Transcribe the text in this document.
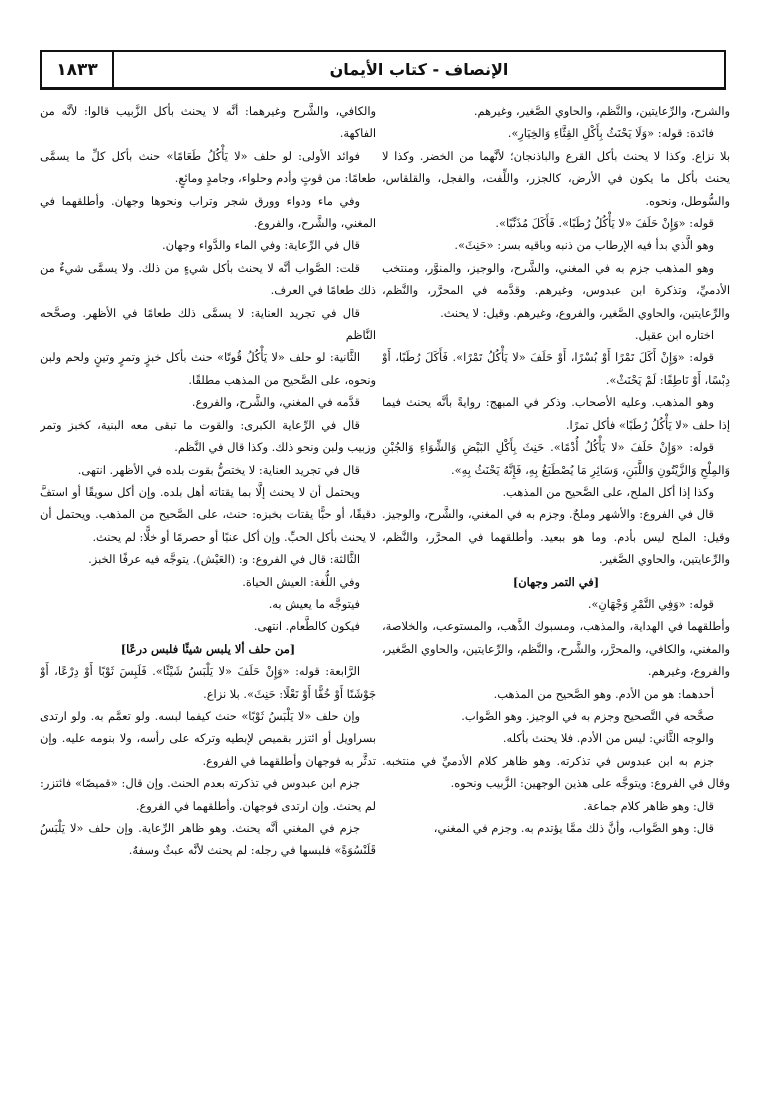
الإنصاف - كتاب الأيمان
١٨٣٣

والشرح، والرِّعايتين، والنَّظم، والحاوي الصَّغير، وغيرهم.

فائدة: قوله: «وَلَا يَحْنَثُ بِأَكْلِ القِثَّاءِ وَالخِيَارِ».

بلا نزاع. وكذا لا يحنث بأكل القرع والباذنجان؛ لأنَّهما من الخضر. وكذا لا يحنث بأكل ما يكون في الأرض، كالجزر، واللِّفت، والفجل، والقلقاس، والسُّوطل، ونحوه.

قوله: «وَإِنْ حَلَفَ «لا يَأْكُلُ رُطَبًا». فَأَكَلَ مُذَنِّبًا».

وهو الَّذي بدأ فيه الإرطاب من ذنبه وباقيه بسر: «حَنِثَ».

وهو المذهب جزم به في المغني، والشَّرح، والوجيز، والمنوَّر، ومنتخب الأدميِّ، وتذكرة ابن عبدوس، وغيرهم. وقدَّمه في المحرَّر، والنَّظم، والرِّعايتين، والحاوي الصَّغير، والفروع، وغيرهم. وقيل: لا يحنث.

اختاره ابن عقيل.

قوله: «وَإِنْ أَكَلَ تَمْرًا أَوْ بُسْرًا، أَوْ حَلَفَ «لا يَأْكُلُ تَمْرًا». فَأَكَلَ رُطَبًا، أَوْ دِبْسًا، أَوْ نَاطِفًا: لَمْ يَحْنَثْ».

وهو المذهب. وعليه الأصحاب. وذكر في المبهج: روايةً بأنَّه يحنث فيما إذا حلف «لا يَأْكُلُ رُطَبًا» فأكل تمرًا.

قوله: «وَإِنْ حَلَفَ «لا يَأْكُلُ أُدْمًا». حَنِثَ بِأَكْلِ البَيْضِ وَالشِّوَاءِ وَالجُبْنِ وَالمِلْحِ وَالزَّيْتُونِ وَاللَّبَنِ، وَسَائِرِ مَا يُصْطَبَغُ بِهِ، فَإِنَّهُ يَحْنَثُ بِهِ».

وكذا إذا أكل الملح، على الصَّحيح من المذهب.

قال في الفروع: والأشهر وملحٌ. وجزم به في المغني، والشَّرح، والوجيز. وقيل: الملح ليس بأدم. وما هو ببعيد. وأطلقهما في المحرَّر، والنَّظم، والرِّعايتين، والحاوي الصَّغير.

[في التمر وجهان]

قوله: «وَفِي التَّمْرِ وَجْهَانِ».

وأطلقهما في الهداية، والمذهب، ومسبوك الذَّهب، والمستوعب، والخلاصة، والمغني، والكافي، والمحرَّر، والشَّرح، والنَّظم، والرِّعايتين، والحاوي الصَّغير، والفروع، وغيرهم.

أحدهما: هو من الأدم. وهو الصَّحيح من المذهب.

صحَّحه في التَّصحيح وجزم به في الوجيز. وهو الصَّواب.

والوجه الثَّاني: ليس من الأدم. فلا يحنث بأكله.

جزم به ابن عبدوس في تذكرته. وهو ظاهر كلام الأدميِّ في منتخبه. وقال في الفروع: ويتوجَّه على هذين الوجهين: الزَّبيب ونحوه.

قال: وهو ظاهر كلام جماعة.

قال: وهو الصَّواب، وأنَّ ذلك ممَّا يؤتدم به. وجزم في المغني،

والكافي، والشَّرح وغيرهما: أنَّه لا يحنث بأكل الزَّبيب قالوا: لأنَّه من الفاكهة.

فوائد الأولى: لو حلف «لا يَأْكُلُ طَعَامًا» حنث بأكل كلِّ ما يسمَّى طعامًا: من قوتٍ وأدم وحلواء، وجامدٍ ومائعٍ.

وفي ماء ودواء وورق شجر وتراب ونحوها وجهان. وأطلقهما في المغني، والشَّرح، والفروع.

قال في الرِّعاية: وفي الماء والدَّواء وجهان.

قلت: الصَّواب أنَّه لا يحنث بأكل شيءٍ من ذلك. ولا يسمَّى شيءٌ من ذلك طعامًا في العرف.

قال في تجريد العناية: لا يسمَّى ذلك طعامًا في الأظهر. وصحَّحه النَّاظم

الثَّانية: لو حلف «لا يَأْكُلُ قُوتًا» حنث بأكل خبزٍ وتمرٍ وتينٍ ولحم ولبن ونحوه، على الصَّحيح من المذهب مطلقًا.

قدَّمه في المغني، والشَّرح، والفروع.

قال في الرِّعاية الكبرى: والقوت ما تبقى معه البنية، كخبز وتمر وزبيب ولبن ونحو ذلك. وكذا قال في النَّظم.

قال في تجريد العناية: لا يختصُّ بقوت بلده في الأظهر. انتهى.

ويحتمل أن لا يحنث إلَّا بما يقتاته أهل بلده. وإن أكل سويقًا أو استفَّ دقيقًا، أو حبًّا يقتات بخبزه: حنث، على الصَّحيح من المذهب. ويحتمل أن لا يحنث بأكل الحبِّ. وإن أكل عنبًا أو حصرمًا أو خلًّا: لم يحنث.

الثَّالثة: قال في الفروع: و: (العَيْش). يتوجَّه فيه عرفًا الخبز.

وفي اللُّغة: العيش الحياة.

فيتوجَّه ما يعيش به.

فيكون كالطَّعام. انتهى.

[من حلف ألا يلبس شيئًا فلبس درعًا]

الرَّابعة: قوله: «وَإِنْ حَلَفَ «لا يَلْبَسُ شَيْئًا». فَلَبِسَ ثَوْبًا أَوْ دِرْعًا، أَوْ جَوْشَنًا أَوْ خُفًّا أَوْ نَعْلًا: حَنِثَ». بلا نزاع.

وإن حلف «لا يَلْبَسُ ثَوْبًا» حنث كيفما لبسه. ولو تعمَّم به. ولو ارتدى بسراويل أو ائتزر بقميص لإبطيه وتركه على رأسه، ولا بنومه عليه. وإن تدثَّر به فوجهان وأطلقهما في الفروع.

جزم ابن عبدوس في تذكرته بعدم الحنث. وإن قال: «قميصًا» فائتزر: لم يحنث. وإن ارتدى فوجهان. وأطلقهما في الفروع.

جزم في المغني أنَّه يحنث. وهو ظاهر الرِّعاية. وإن حلف «لا يَلْبَسُ قَلَنْسُوَةً» فلبسها في رجله: لم يحنث لأنَّه عبثٌ وسفهٌ.
